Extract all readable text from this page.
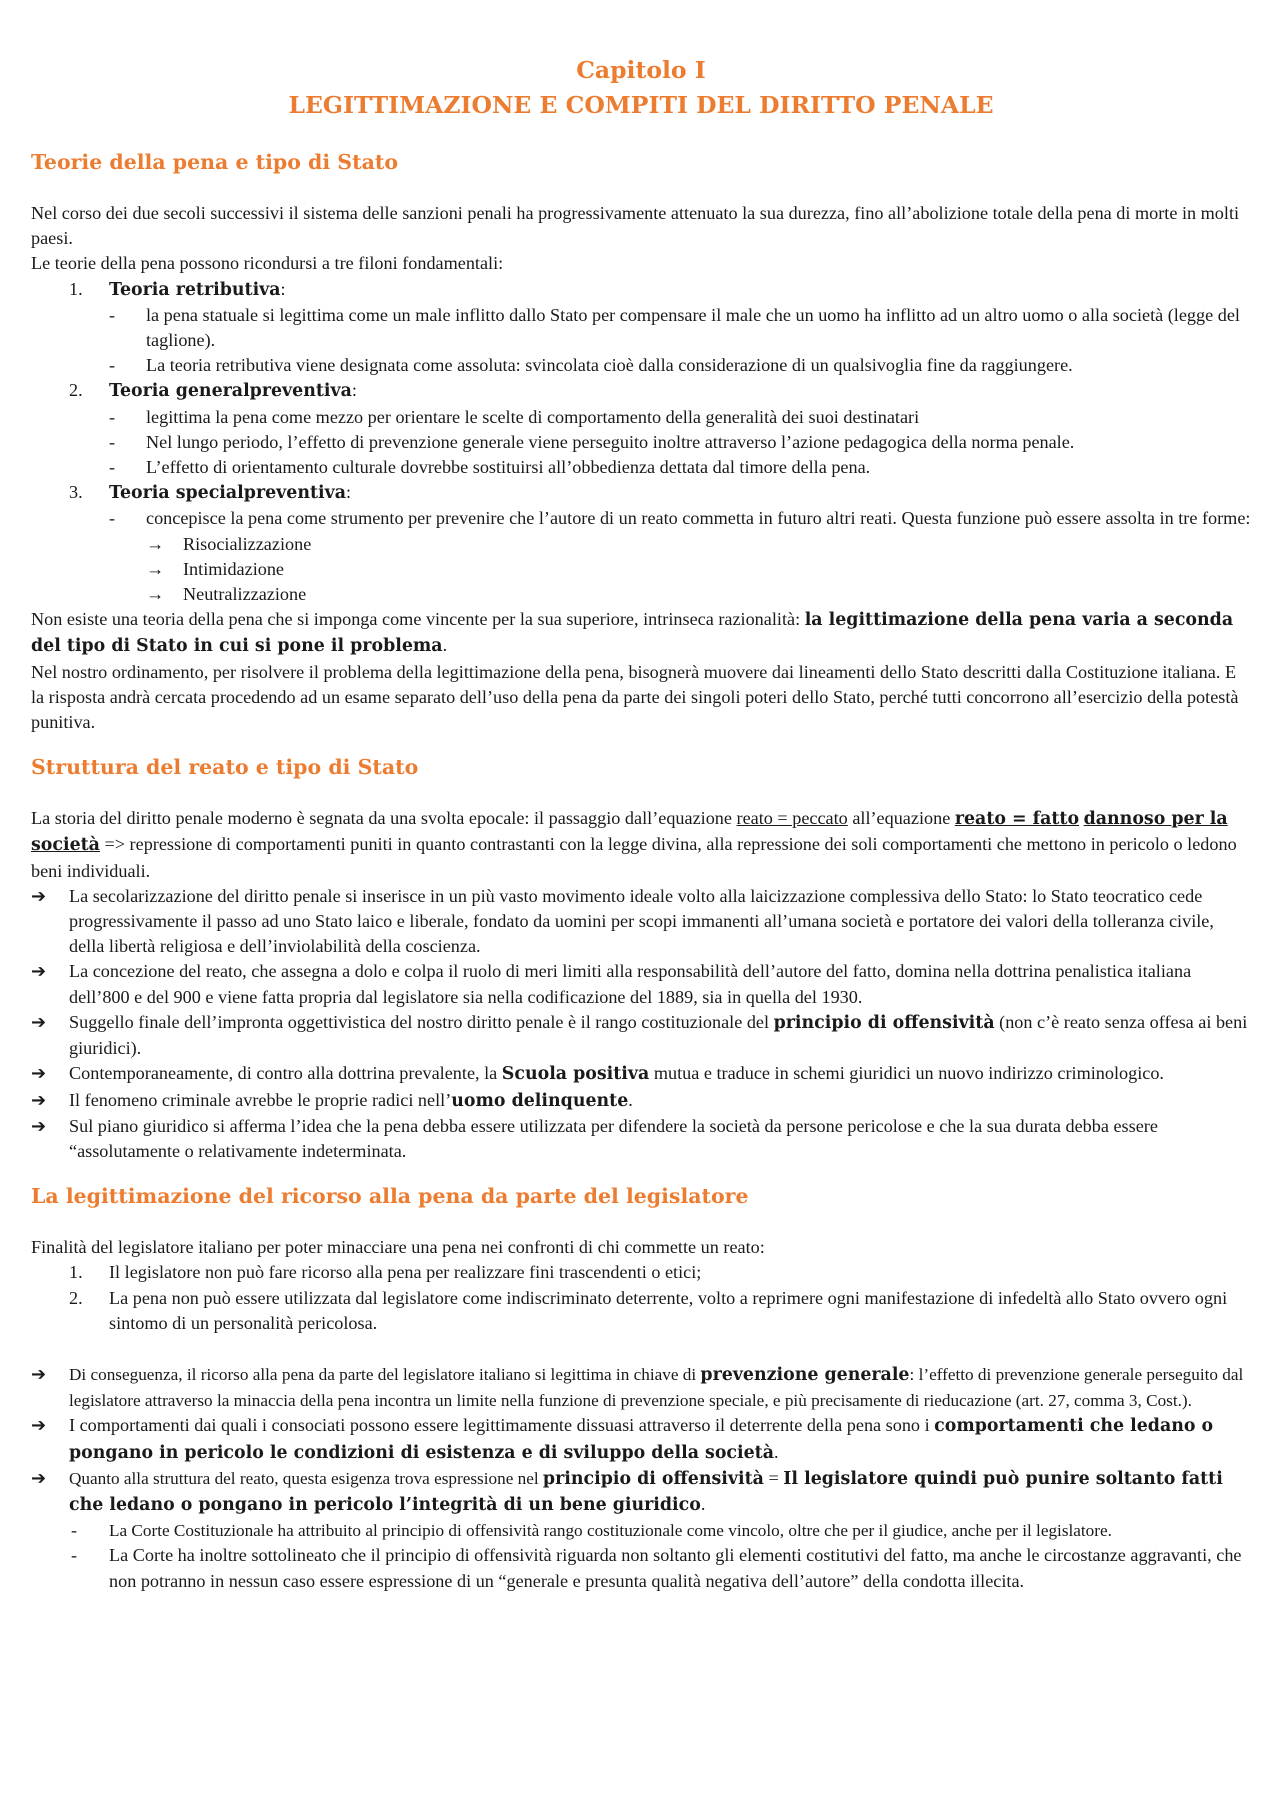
Capitolo I
LEGITTIMAZIONE E COMPITI DEL DIRITTO PENALE
Teorie della pena e tipo di Stato

Nel corso dei due secoli successivi il sistema delle sanzioni penali ha progressivamente attenuato la sua durezza, fino all’abolizione totale della pena di morte in molti paesi.

Le teorie della pena possono ricondursi a tre filoni fondamentali:

1. Teoria retributiva:
- la pena statuale si legittima come un male inflitto dallo Stato per compensare il male che un uomo ha inflitto ad un altro uomo o alla società (legge del taglione).
- La teoria retributiva viene designata come assoluta: svincolata cioè dalla considerazione di un qualsivoglia fine da raggiungere.
2. Teoria generalpreventiva:
- legittima la pena come mezzo per orientare le scelte di comportamento della generalità dei suoi destinatari
- Nel lungo periodo, l’effetto di prevenzione generale viene perseguito inoltre attraverso l’azione pedagogica della norma penale.
- L’effetto di orientamento culturale dovrebbe sostituirsi all’obbedienza dettata dal timore della pena.
3. Teoria specialpreventiva:
- concepisce la pena come strumento per prevenire che l’autore di un reato commetta in futuro altri reati. Questa funzione può essere assolta in tre forme:
→ Risocializzazione
→ Intimidazione
→ Neutralizzazione

Non esiste una teoria della pena che si imponga come vincente per la sua superiore, intrinseca razionalità: la legittimazione della pena varia a seconda del tipo di Stato in cui si pone il problema.

Nel nostro ordinamento, per risolvere il problema della legittimazione della pena, bisognerà muovere dai lineamenti dello Stato descritti dalla Costituzione italiana. E la risposta andrà cercata procedendo ad un esame separato dell’uso della pena da parte dei singoli poteri dello Stato, perché tutti concorrono all’esercizio della potestà punitiva.

Struttura del reato e tipo di Stato

La storia del diritto penale moderno è segnata da una svolta epocale: il passaggio dall’equazione reato = peccato all’equazione reato = fatto dannoso per la società => repressione di comportamenti puniti in quanto contrastanti con la legge divina, alla repressione dei soli comportamenti che mettono in pericolo o ledono beni individuali.

➔ La secolarizzazione del diritto penale si inserisce in un più vasto movimento ideale volto alla laicizzazione complessiva dello Stato: lo Stato teocratico cede progressivamente il passo ad uno Stato laico e liberale, fondato da uomini per scopi immanenti all’umana società e portatore dei valori della tolleranza civile, della libertà religiosa e dell’inviolabilità della coscienza.
➔ La concezione del reato, che assegna a dolo e colpa il ruolo di meri limiti alla responsabilità dell’autore del fatto, domina nella dottrina penalistica italiana dell’800 e del 900 e viene fatta propria dal legislatore sia nella codificazione del 1889, sia in quella del 1930.
➔ Suggello finale dell’impronta oggettivistica del nostro diritto penale è il rango costituzionale del principio di offensività (non c’è reato senza offesa ai beni giuridici).
➔ Contemporaneamente, di contro alla dottrina prevalente, la Scuola positiva mutua e traduce in schemi giuridici un nuovo indirizzo criminologico.
➔ Il fenomeno criminale avrebbe le proprie radici nell’uomo delinquente.
➔ Sul piano giuridico si afferma l’idea che la pena debba essere utilizzata per difendere la società da persone pericolose e che la sua durata debba essere “assolutamente o relativamente indeterminata.
La legittimazione del ricorso alla pena da parte del legislatore

Finalità del legislatore italiano per poter minacciare una pena nei confronti di chi commette un reato:

1. Il legislatore non può fare ricorso alla pena per realizzare fini trascendenti o etici;
2. La pena non può essere utilizzata dal legislatore come indiscriminato deterrente, volto a reprimere ogni manifestazione di infedeltà allo Stato ovvero ogni sintomo di un personalità pericolosa.
➔ Di conseguenza, il ricorso alla pena da parte del legislatore italiano si legittima in chiave di prevenzione generale: l’effetto di prevenzione generale perseguito dal legislatore attraverso la minaccia della pena incontra un limite nella funzione di prevenzione speciale, e più precisamente di rieducazione (art. 27, comma 3, Cost.).
➔ I comportamenti dai quali i consociati possono essere legittimamente dissuasi attraverso il deterrente della pena sono i comportamenti che ledano o pongano in pericolo le condizioni di esistenza e di sviluppo della società.
➔ Quanto alla struttura del reato, questa esigenza trova espressione nel principio di offensività = Il legislatore quindi può punire soltanto fatti che ledano o pongano in pericolo l’integrità di un bene giuridico.
- La Corte Costituzionale ha attribuito al principio di offensività rango costituzionale come vincolo, oltre che per il giudice, anche per il legislatore.
- La Corte ha inoltre sottolineato che il principio di offensività riguarda non soltanto gli elementi costitutivi del fatto, ma anche le circostanze aggravanti, che non potranno in nessun caso essere espressione di un “generale e presunta qualità negativa dell’autore” della condotta illecita.
